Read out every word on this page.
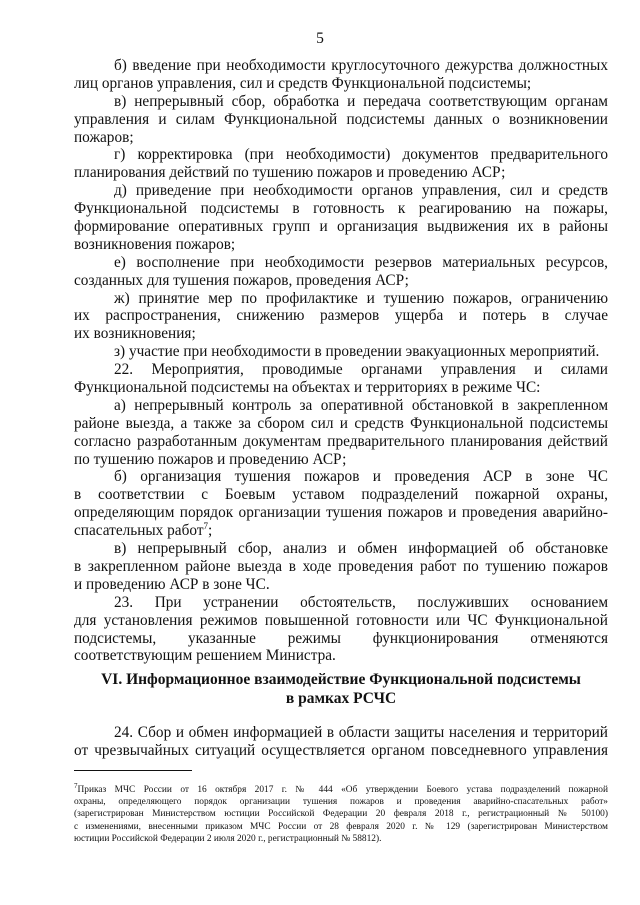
5
б) введение при необходимости круглосуточного дежурства должностных
лиц органов управления, сил и средств Функциональной подсистемы;
в) непрерывный сбор, обработка и передача соответствующим органам
управления и силам Функциональной подсистемы данных о возникновении
пожаров;
г) корректировка (при необходимости) документов предварительного
планирования действий по тушению пожаров и проведению АСР;
д) приведение при необходимости органов управления, сил и средств
Функциональной подсистемы в готовность к реагированию на пожары,
формирование оперативных групп и организация выдвижения их в районы
возникновения пожаров;
е) восполнение при необходимости резервов материальных ресурсов,
созданных для тушения пожаров, проведения АСР;
ж) принятие мер по профилактике и тушению пожаров, ограничению
их распространения, снижению размеров ущерба и потерь в случае
их возникновения;
з) участие при необходимости в проведении эвакуационных мероприятий.
22. Мероприятия, проводимые органами управления и силами
Функциональной подсистемы на объектах и территориях в режиме ЧС:
а) непрерывный контроль за оперативной обстановкой в закрепленном
районе выезда, а также за сбором сил и средств Функциональной подсистемы
согласно разработанным документам предварительного планирования действий
по тушению пожаров и проведению АСР;
б) организация тушения пожаров и проведения АСР в зоне ЧС
в соответствии с Боевым уставом подразделений пожарной охраны,
определяющим порядок организации тушения пожаров и проведения аварийно-
спасательных работ$^7$;
в) непрерывный сбор, анализ и обмен информацией об обстановке
в закрепленном районе выезда в ходе проведения работ по тушению пожаров
и проведению АСР в зоне ЧС.
23. При устранении обстоятельств, послуживших основанием
для установления режимов повышенной готовности или ЧС Функциональной
подсистемы, указанные режимы функционирования отменяются
соответствующим решением Министра.
VI. Информационное взаимодействие Функциональной подсистемы
в рамках РСЧС
24. Сбор и обмен информацией в области защиты населения и территорий
от чрезвычайных ситуаций осуществляется органом повседневного управления
$^7$Приказ МЧС России от 16 октября 2017 г. № 444 «Об утверждении Боевого устава подразделений пожарной
охраны, определяющего порядок организации тушения пожаров и проведения аварийно-спасательных работ»
(зарегистрирован Министерством юстиции Российской Федерации 20 февраля 2018 г., регистрационный № 50100)
с изменениями, внесенными приказом МЧС России от 28 февраля 2020 г. № 129 (зарегистрирован Министерством
юстиции Российской Федерации 2 июля 2020 г., регистрационный № 58812).
